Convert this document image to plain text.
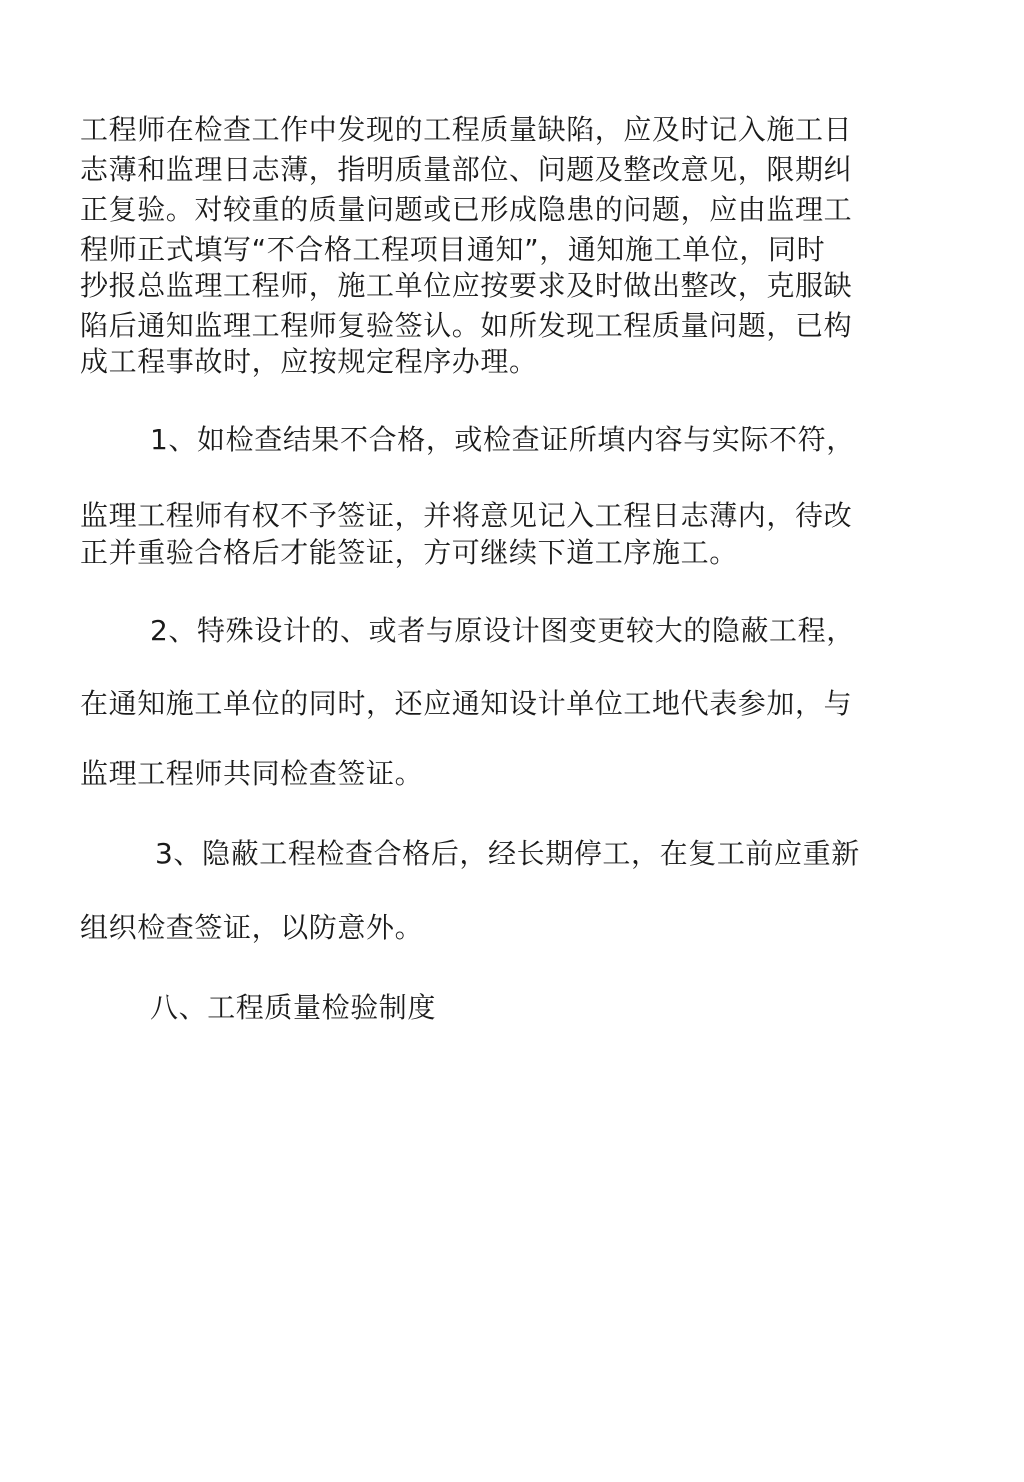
工程师在检查工作中发现的工程质量缺陷，应及时记入施工日
志薄和监理日志薄，指明质量部位、问题及整改意见，限期纠
正复验。对较重的质量问题或已形成隐患的问题，应由监理工
程师正式填写“不合格工程项目通知”，通知施工单位，同时
抄报总监理工程师，施工单位应按要求及时做出整改，克服缺
陷后通知监理工程师复验签认。如所发现工程质量问题，已构
成工程事故时，应按规定程序办理。
1、如检查结果不合格，或检查证所填内容与实际不符，
监理工程师有权不予签证，并将意见记入工程日志薄内，待改
正并重验合格后才能签证，方可继续下道工序施工。
2、特殊设计的、或者与原设计图变更较大的隐蔽工程，
在通知施工单位的同时，还应通知设计单位工地代表参加，与
监理工程师共同检查签证。
3、隐蔽工程检查合格后，经长期停工，在复工前应重新
组织检查签证，以防意外。
八、工程质量检验制度
